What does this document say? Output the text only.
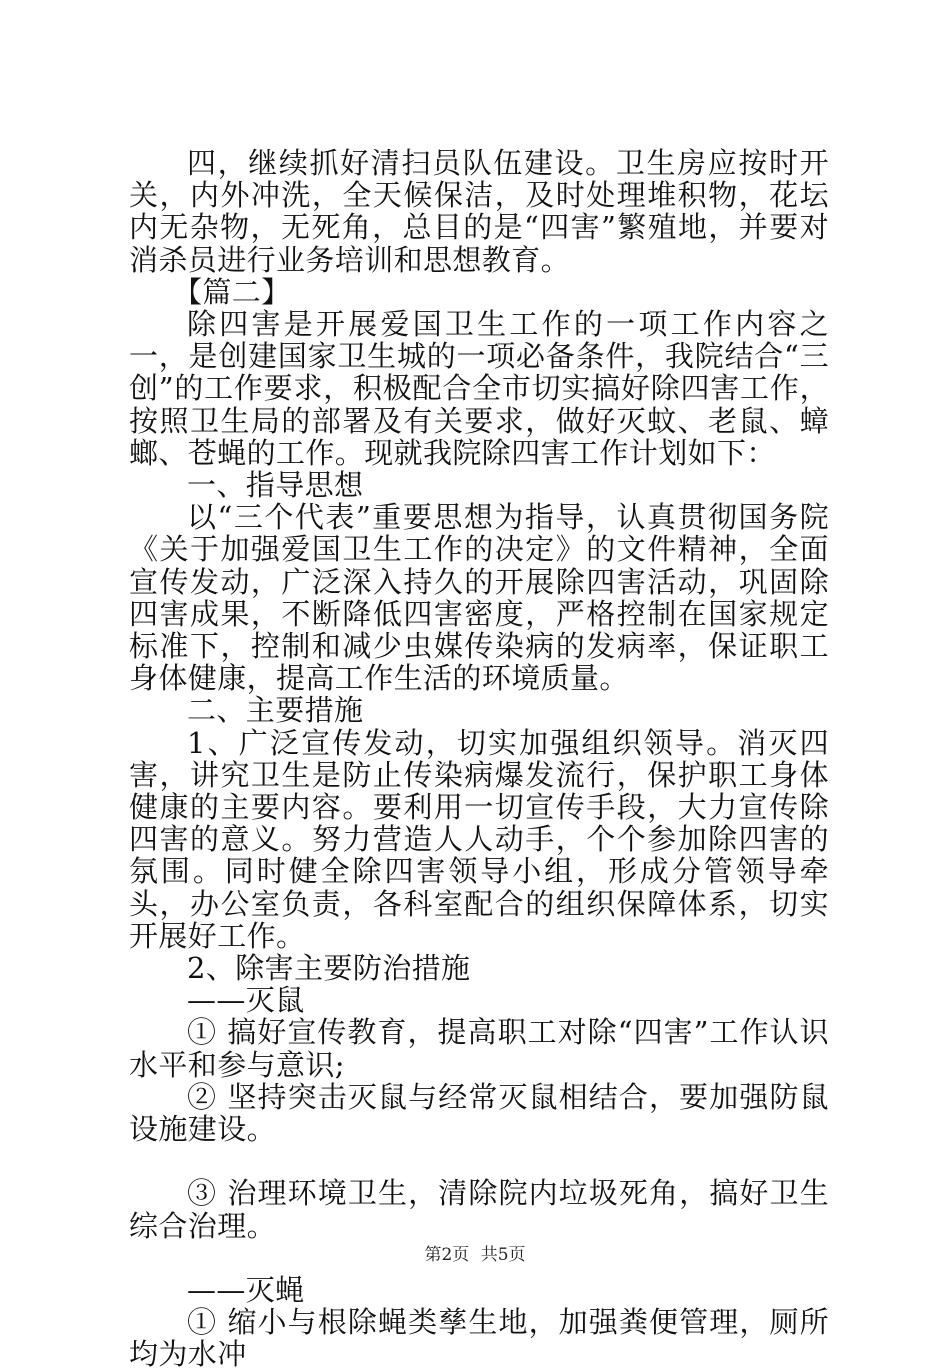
四，继续抓好清扫员队伍建设。卫生房应按时开关，内外冲洗，全天候保洁，及时处理堆积物，花坛内无杂物，无死角，总目的是“四害”繁殖地，并要对消杀员进行业务培训和思想教育。

【篇二】

除四害是开展爱国卫生工作的一项工作内容之一，是创建国家卫生城的一项必备条件，我院结合“三创”的工作要求，积极配合全市切实搞好除四害工作，按照卫生局的部署及有关要求，做好灭蚊、老鼠、蟑螂、苍蝇的工作。现就我院除四害工作计划如下：

一、指导思想

以“三个代表”重要思想为指导，认真贯彻国务院《关于加强爱国卫生工作的决定》的文件精神，全面宣传发动，广泛深入持久的开展除四害活动，巩固除四害成果，不断降低四害密度，严格控制在国家规定标准下，控制和减少虫媒传染病的发病率，保证职工身体健康，提高工作生活的环境质量。

二、主要措施

1、广泛宣传发动，切实加强组织领导。消灭四害，讲究卫生是防止传染病爆发流行，保护职工身体健康的主要内容。要利用一切宣传手段，大力宣传除四害的意义。努力营造人人动手，个个参加除四害的氛围。同时健全除四害领导小组，形成分管领导牵头，办公室负责，各科室配合的组织保障体系，切实开展好工作。

2、除害主要防治措施

——灭鼠

① 搞好宣传教育，提高职工对除“四害”工作认识水平和参与意识;

② 坚持突击灭鼠与经常灭鼠相结合，要加强防鼠设施建设。

③ 治理环境卫生，清除院内垃圾死角，搞好卫生综合治理。

——灭蝇

① 缩小与根除蝇类孳生地，加强粪便管理，厕所均为水冲

第2页 共5页
